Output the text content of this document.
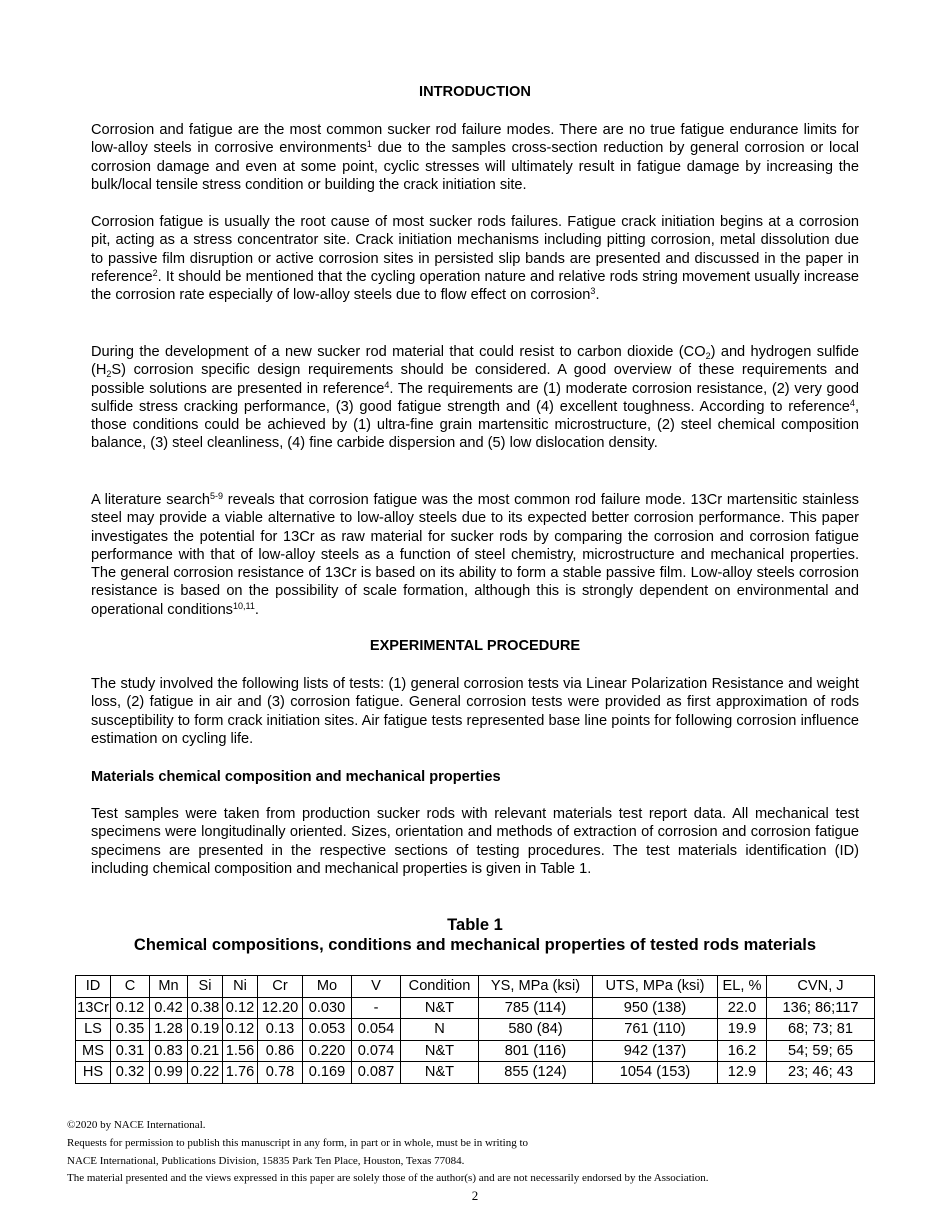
INTRODUCTION

Corrosion and fatigue are the most common sucker rod failure modes. There are no true fatigue endurance limits for low-alloy steels in corrosive environments$^1$ due to the samples cross-section reduction by general corrosion or local corrosion damage and even at some point, cyclic stresses will ultimately result in fatigue damage by increasing the bulk/local tensile stress condition or building the crack initiation site.

Corrosion fatigue is usually the root cause of most sucker rods failures. Fatigue crack initiation begins at a corrosion pit, acting as a stress concentrator site. Crack initiation mechanisms including pitting corrosion, metal dissolution due to passive film disruption or active corrosion sites in persisted slip bands are presented and discussed in the paper in reference$^2$. It should be mentioned that the cycling operation nature and relative rods string movement usually increase the corrosion rate especially of low-alloy steels due to flow effect on corrosion$^3$.

During the development of a new sucker rod material that could resist to carbon dioxide $(CO_2)$ and hydrogen sulfide $(H_2S)$ corrosion specific design requirements should be considered. A good overview of these requirements and possible solutions are presented in reference$^4$. The requirements are (1) moderate corrosion resistance, (2) very good sulfide stress cracking performance, (3) good fatigue strength and (4) excellent toughness. According to reference$^4$, those conditions could be achieved by (1) ultra-fine grain martensitic microstructure, (2) steel chemical composition balance, (3) steel cleanliness, (4) fine carbide dispersion and (5) low dislocation density.

A literature search$^{5-9}$ reveals that corrosion fatigue was the most common rod failure mode. 13Cr martensitic stainless steel may provide a viable alternative to low-alloy steels due to its expected better corrosion performance. This paper investigates the potential for 13Cr as raw material for sucker rods by comparing the corrosion and corrosion fatigue performance with that of low-alloy steels as a function of steel chemistry, microstructure and mechanical properties. The general corrosion resistance of 13Cr is based on its ability to form a stable passive film. Low-alloy steels corrosion resistance is based on the possibility of scale formation, although this is strongly dependent on environmental and operational conditions$^{10,11}$.

EXPERIMENTAL PROCEDURE

The study involved the following lists of tests: (1) general corrosion tests via Linear Polarization Resistance and weight loss, (2) fatigue in air and (3) corrosion fatigue. General corrosion tests were provided as first approximation of rods susceptibility to form crack initiation sites. Air fatigue tests represented base line points for following corrosion influence estimation on cycling life.

Materials chemical composition and mechanical properties

Test samples were taken from production sucker rods with relevant materials test report data. All mechanical test specimens were longitudinally oriented. Sizes, orientation and methods of extraction of corrosion and corrosion fatigue specimens are presented in the respective sections of testing procedures. The test materials identification (ID) including chemical composition and mechanical properties is given in Table 1.

Table 1
Chemical compositions, conditions and mechanical properties of tested rods materials
ID	C	Mn	Si	Ni	Cr	Mo	V	Condition	YS, MPa (ksi)	UTS, MPa (ksi)	EL, %	CVN, J
13Cr	0.12	0.42	0.38	0.12	12.20	0.030	-	N&T	785 (114)	950 (138)	22.0	136; 86;117
LS	0.35	1.28	0.19	0.12	0.13	0.053	0.054	N	580 (84)	761 (110)	19.9	68; 73; 81
MS	0.31	0.83	0.21	1.56	0.86	0.220	0.074	N&T	801 (116)	942 (137)	16.2	54; 59; 65
HS	0.32	0.99	0.22	1.76	0.78	0.169	0.087	N&T	855 (124)	1054 (153)	12.9	23; 46; 43
©2020 by NACE International.
Requests for permission to publish this manuscript in any form, in part or in whole, must be in writing to
NACE International, Publications Division, 15835 Park Ten Place, Houston, Texas 77084.
The material presented and the views expressed in this paper are solely those of the author(s) and are not necessarily endorsed by the Association.
2
